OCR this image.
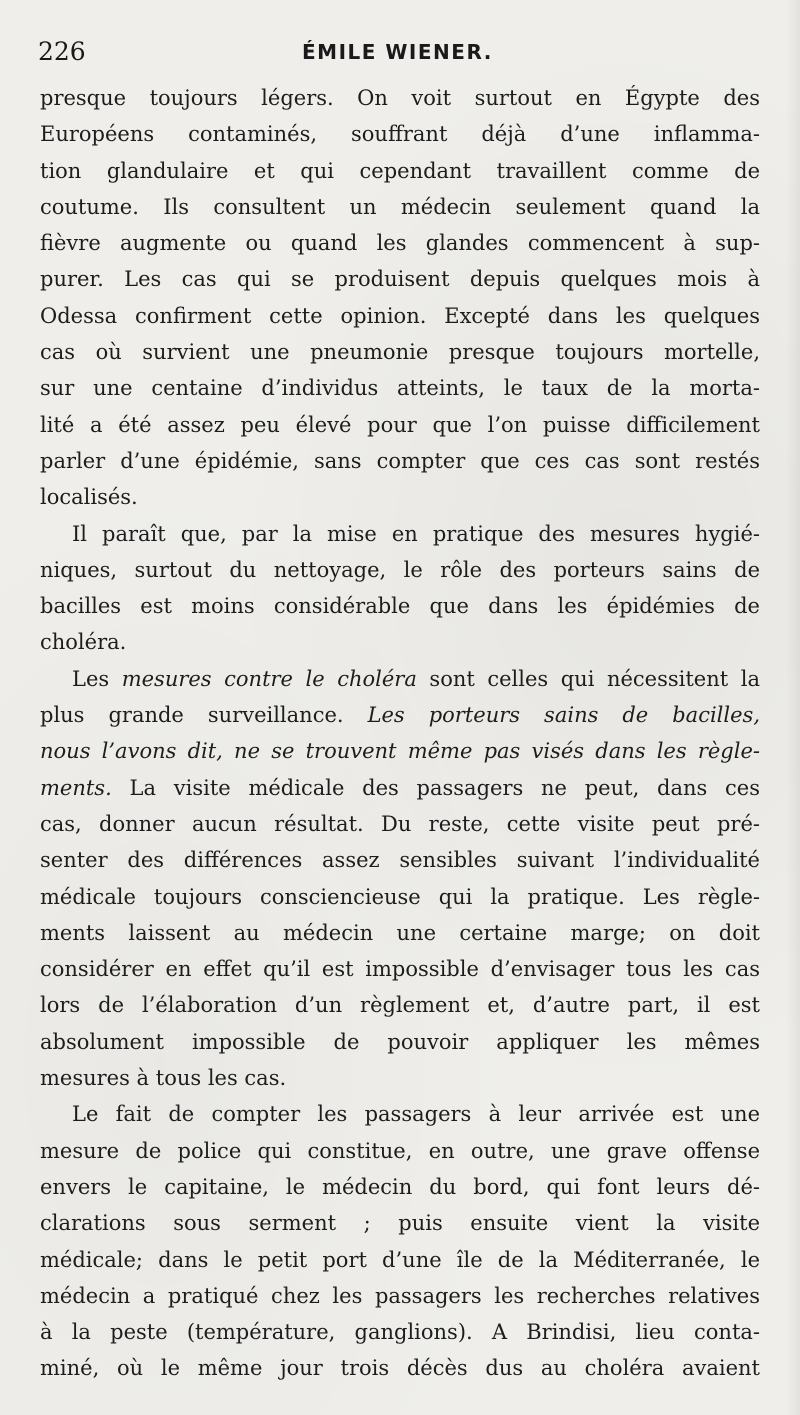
226	ÉMILE WIENER.
presque toujours légers. On voit surtout en Égypte des
Européens contaminés, souffrant déjà d’une inflamma-
tion glandulaire et qui cependant travaillent comme de
coutume. Ils consultent un médecin seulement quand la
fièvre augmente ou quand les glandes commencent à sup-
purer. Les cas qui se produisent depuis quelques mois à
Odessa confirment cette opinion. Excepté dans les quelques
cas où survient une pneumonie presque toujours mortelle,
sur une centaine d’individus atteints, le taux de la morta-
lité a été assez peu élevé pour que l’on puisse difficilement
parler d’une épidémie, sans compter que ces cas sont restés
localisés.
Il paraît que, par la mise en pratique des mesures hygié-
niques, surtout du nettoyage, le rôle des porteurs sains de
bacilles est moins considérable que dans les épidémies de
choléra.
Les mesures contre le choléra sont celles qui nécessitent la
plus grande surveillance. Les porteurs sains de bacilles,
nous l’avons dit, ne se trouvent même pas visés dans les règle-
ments. La visite médicale des passagers ne peut, dans ces
cas, donner aucun résultat. Du reste, cette visite peut pré-
senter des différences assez sensibles suivant l’individualité
médicale toujours consciencieuse qui la pratique. Les règle-
ments laissent au médecin une certaine marge; on doit
considérer en effet qu’il est impossible d’envisager tous les cas
lors de l’élaboration d’un règlement et, d’autre part, il est
absolument impossible de pouvoir appliquer les mêmes
mesures à tous les cas.
Le fait de compter les passagers à leur arrivée est une
mesure de police qui constitue, en outre, une grave offense
envers le capitaine, le médecin du bord, qui font leurs dé-
clarations sous serment ; puis ensuite vient la visite
médicale; dans le petit port d’une île de la Méditerranée, le
médecin a pratiqué chez les passagers les recherches relatives
à la peste (température, ganglions). A Brindisi, lieu conta-
miné, où le même jour trois décès dus au choléra avaient
